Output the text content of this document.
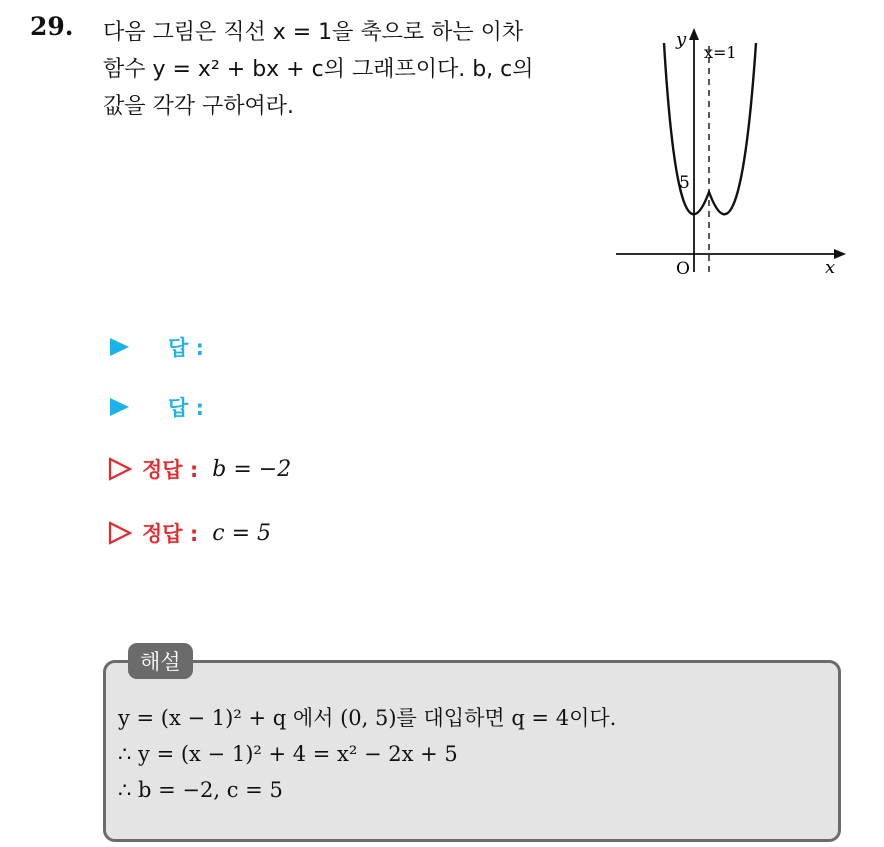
29. 다음 그림은 직선 x = 1을 축으로 하는 이차
함수 y = x² + bx + c의 그래프이다. b, c의
값을 각각 구하여라.
y
x
O
x=1
5
답 :
답 :
정답 : b = −2
정답 : c = 5
해설
y = (x − 1)² + q 에서 (0, 5)를 대입하면 q = 4이다.
∴ y = (x − 1)² + 4 = x² − 2x + 5
∴ b = −2, c = 5
